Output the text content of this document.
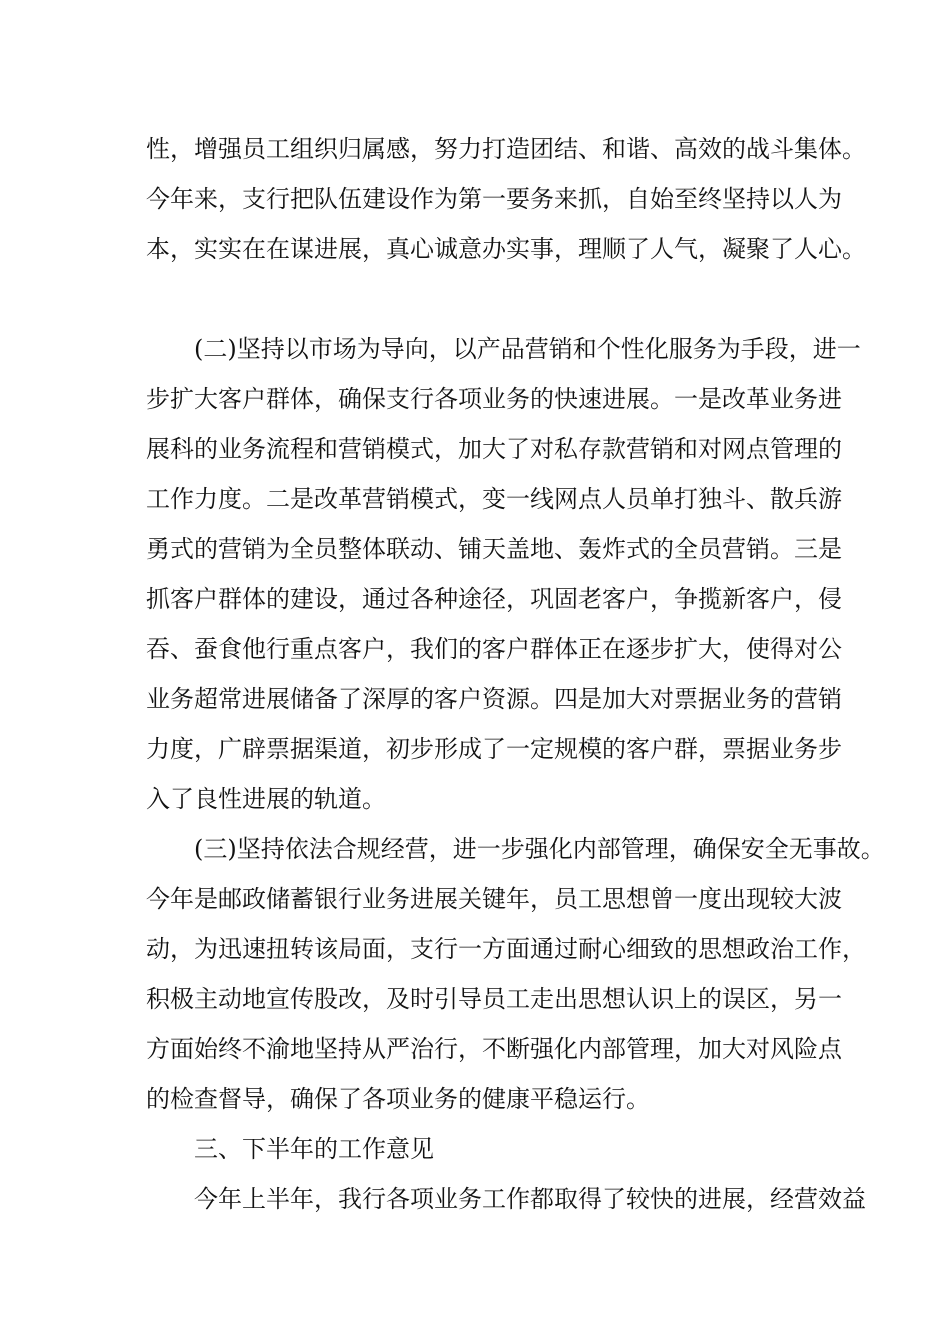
性，增强员工组织归属感，努力打造团结、和谐、高效的战斗集体。
今年来，支行把队伍建设作为第一要务来抓，自始至终坚持以人为
本，实实在在谋进展，真心诚意办实事，理顺了人气，凝聚了人心。
　　(二)坚持以市场为导向，以产品营销和个性化服务为手段，进一
步扩大客户群体，确保支行各项业务的快速进展。一是改革业务进
展科的业务流程和营销模式，加大了对私存款营销和对网点管理的
工作力度。二是改革营销模式，变一线网点人员单打独斗、散兵游
勇式的营销为全员整体联动、铺天盖地、轰炸式的全员营销。三是
抓客户群体的建设，通过各种途径，巩固老客户，争揽新客户，侵
吞、蚕食他行重点客户，我们的客户群体正在逐步扩大，使得对公
业务超常进展储备了深厚的客户资源。四是加大对票据业务的营销
力度，广辟票据渠道，初步形成了一定规模的客户群，票据业务步
入了良性进展的轨道。
　　(三)坚持依法合规经营，进一步强化内部管理，确保安全无事故。
今年是邮政储蓄银行业务进展关键年，员工思想曾一度出现较大波
动，为迅速扭转该局面，支行一方面通过耐心细致的思想政治工作，
积极主动地宣传股改，及时引导员工走出思想认识上的误区，另一
方面始终不渝地坚持从严治行，不断强化内部管理，加大对风险点
的检查督导，确保了各项业务的健康平稳运行。
　　三、下半年的工作意见
　　今年上半年，我行各项业务工作都取得了较快的进展，经营效益
